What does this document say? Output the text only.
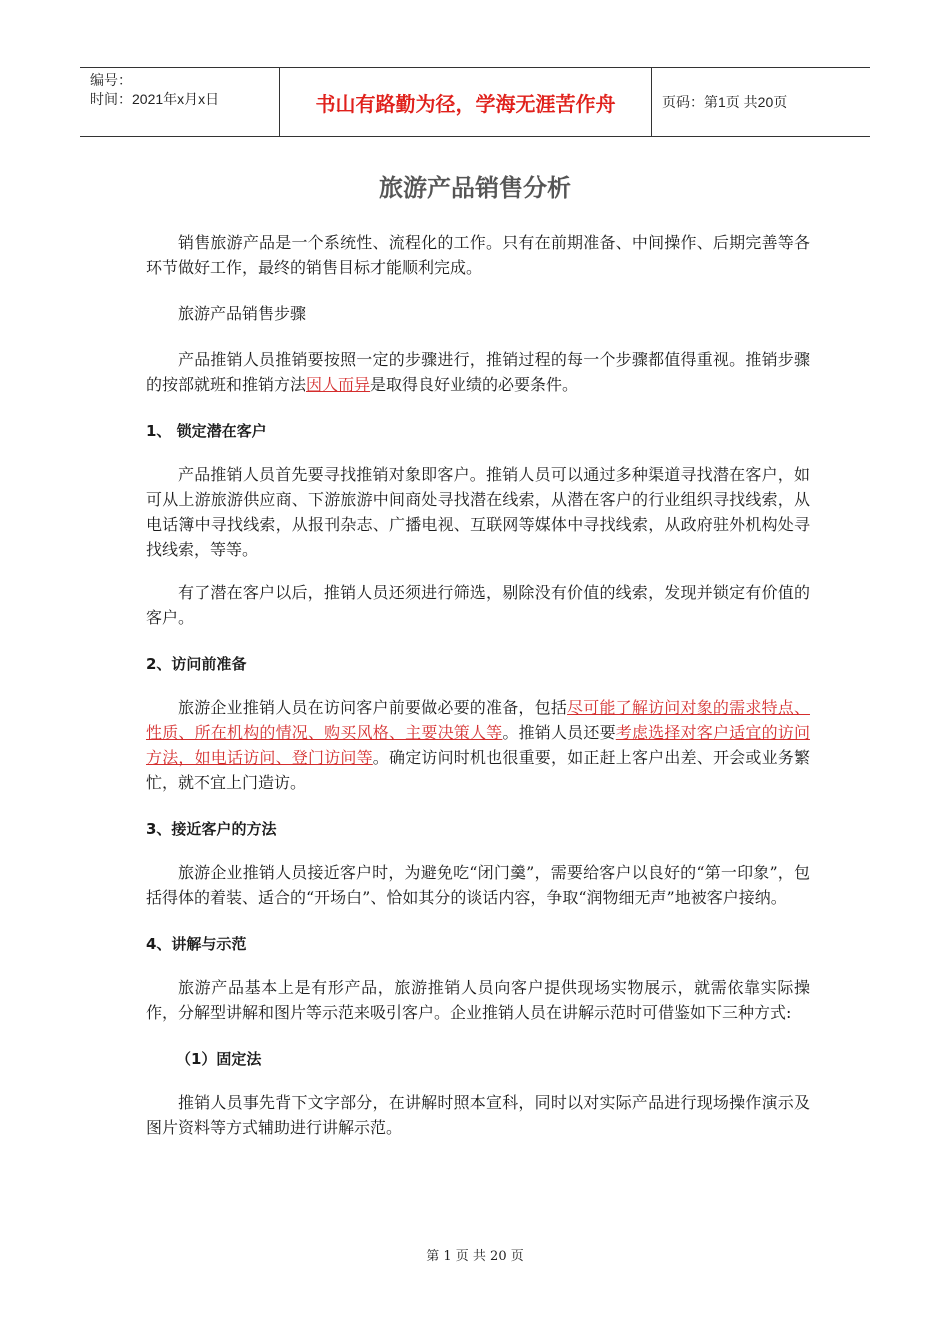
编号：
时间：2021年x月x日	书山有路勤为径，学海无涯苦作舟	页码：第1页 共20页
旅游产品销售分析

销售旅游产品是一个系统性、流程化的工作。只有在前期准备、中间操作、后期完善等各环节做好工作，最终的销售目标才能顺利完成。

旅游产品销售步骤

产品推销人员推销要按照一定的步骤进行，推销过程的每一个步骤都值得重视。推销步骤的按部就班和推销方法因人而异是取得良好业绩的必要条件。

1、 锁定潜在客户

产品推销人员首先要寻找推销对象即客户。推销人员可以通过多种渠道寻找潜在客户，如可从上游旅游供应商、下游旅游中间商处寻找潜在线索，从潜在客户的行业组织寻找线索，从电话簿中寻找线索，从报刊杂志、广播电视、互联网等媒体中寻找线索，从政府驻外机构处寻找线索，等等。

有了潜在客户以后，推销人员还须进行筛选，剔除没有价值的线索，发现并锁定有价值的客户。

2、访问前准备

旅游企业推销人员在访问客户前要做必要的准备，包括尽可能了解访问对象的需求特点、性质、所在机构的情况、购买风格、主要决策人等。推销人员还要考虑选择对客户适宜的访问方法，如电话访问、登门访问等。确定访问时机也很重要，如正赶上客户出差、开会或业务繁忙，就不宜上门造访。

3、接近客户的方法

旅游企业推销人员接近客户时，为避免吃“闭门羹”，需要给客户以良好的“第一印象”，包括得体的着装、适合的“开场白”、恰如其分的谈话内容，争取“润物细无声”地被客户接纳。

4、讲解与示范

旅游产品基本上是有形产品，旅游推销人员向客户提供现场实物展示，就需依靠实际操作，分解型讲解和图片等示范来吸引客户。企业推销人员在讲解示范时可借鉴如下三种方式:

（1）固定法

推销人员事先背下文字部分，在讲解时照本宣科，同时以对实际产品进行现场操作演示及图片资料等方式辅助进行讲解示范。

第 1 页 共 20 页
